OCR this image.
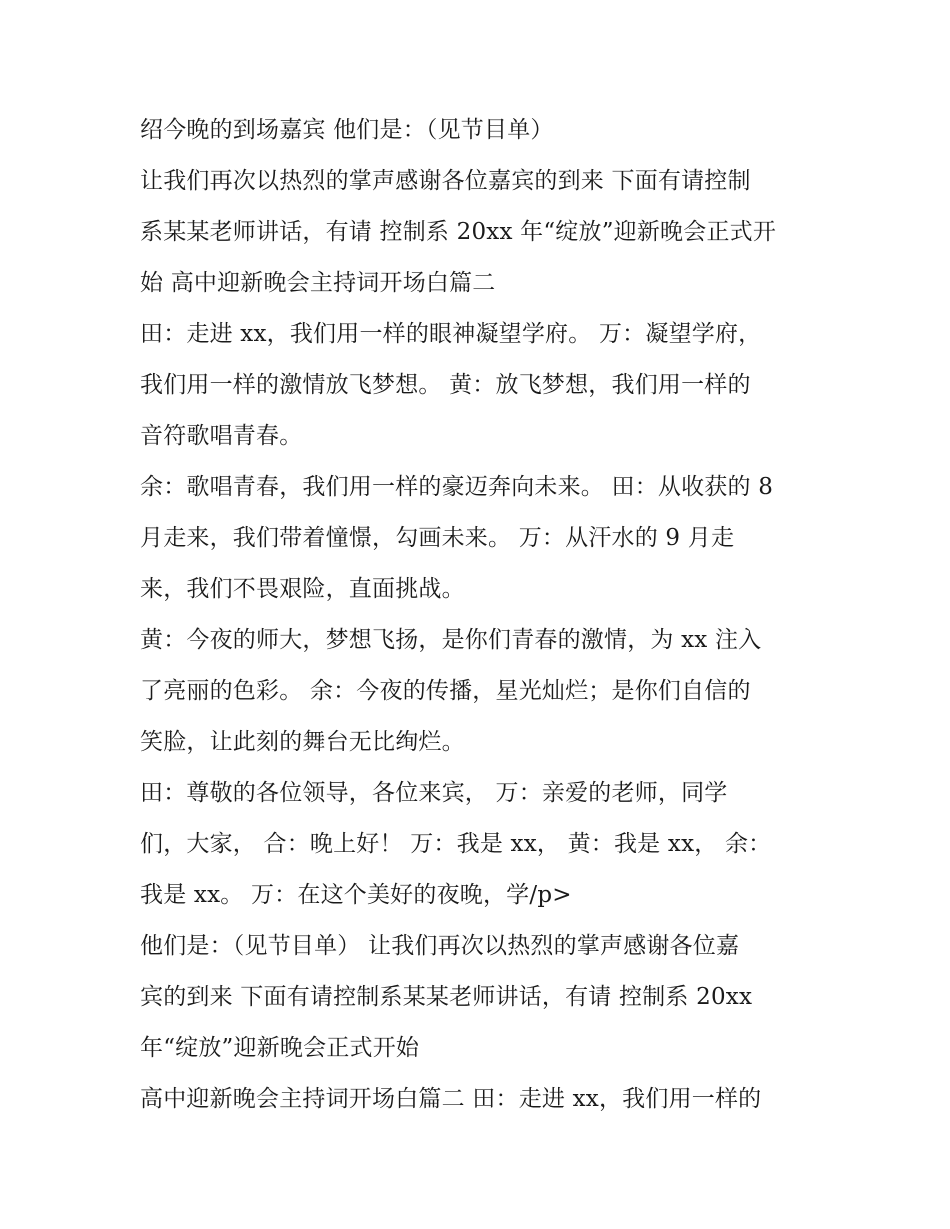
绍今晚的到场嘉宾 他们是：（见节目单）
让我们再次以热烈的掌声感谢各位嘉宾的到来 下面有请控制
系某某老师讲话，有请 控制系 20xx 年“绽放”迎新晚会正式开
始 高中迎新晚会主持词开场白篇二
田：走进 xx，我们用一样的眼神凝望学府。 万：凝望学府，
我们用一样的激情放飞梦想。 黄：放飞梦想，我们用一样的
音符歌唱青春。
余：歌唱青春，我们用一样的豪迈奔向未来。 田：从收获的 8
月走来，我们带着憧憬，勾画未来。 万：从汗水的 9 月走
来，我们不畏艰险，直面挑战。
黄：今夜的师大，梦想飞扬，是你们青春的激情，为 xx 注入
了亮丽的色彩。 余：今夜的传播，星光灿烂；是你们自信的
笑脸，让此刻的舞台无比绚烂。
田：尊敬的各位领导，各位来宾， 万：亲爱的老师，同学
们，大家， 合：晚上好！ 万：我是 xx， 黄：我是 xx， 余：
我是 xx。 万：在这个美好的夜晚，学/p>
他们是：（见节目单） 让我们再次以热烈的掌声感谢各位嘉
宾的到来 下面有请控制系某某老师讲话，有请 控制系 20xx
年“绽放”迎新晚会正式开始
高中迎新晚会主持词开场白篇二 田：走进 xx，我们用一样的
